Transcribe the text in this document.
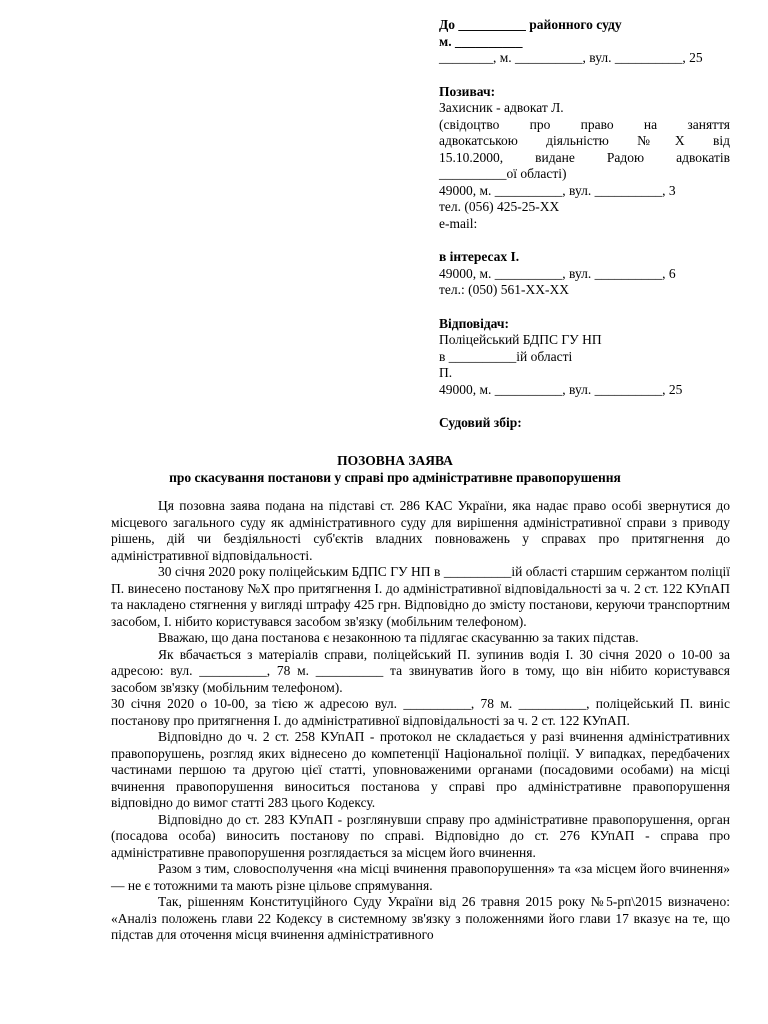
До __________ районного суду
м. __________
________, м. __________, вул. __________, 25
Позивач:
Захисник - адвокат Л.
(свідоцтво про право на заняття
адвокатською діяльністю №Х від
15.10.2000, видане Радою адвокатів
__________ої області)
49000, м. __________, вул. __________, 3
тел. (056) 425-25-ХХ
e-mail:
в інтересах І.
49000, м. __________, вул. __________, 6
тел.: (050) 561-ХХ-ХХ
Відповідач:
Поліцейський БДПС ГУ НП
в __________ій області
П.
49000, м. __________, вул. __________, 25
Судовий збір:
ПОЗОВНА ЗАЯВА
про скасування постанови у справі про адміністративне правопорушення

Ця позовна заява подана на підставі ст. 286 КАС України, яка надає право особі звернутися до місцевого загального суду як адміністративного суду для вирішення адміністративної справи з приводу рішень, дій чи бездіяльності суб'єктів владних повноважень у справах про притягнення до адміністративної відповідальності.

30 січня 2020 року поліцейським БДПС ГУ НП в __________ій області старшим сержантом поліції П. винесено постанову №Х про притягнення І. до адміністративної відповідальності за ч. 2 ст. 122 КУпАП та накладено стягнення у вигляді штрафу 425 грн. Відповідно до змісту постанови, керуючи транспортним засобом, І. нібито користувався засобом зв'язку (мобільним телефоном).

Вважаю, що дана постанова є незаконною та підлягає скасуванню за таких підстав.

Як вбачається з матеріалів справи, поліцейський П. зупинив водія І. 30 січня 2020 о 10-00 за адресою: вул. __________, 78 м. __________ та звинуватив його в тому, що він нібито користувався засобом зв'язку (мобільним телефоном).

30 січня 2020 о 10-00, за тією ж адресою вул. __________, 78 м. __________, поліцейський П. виніс постанову про притягнення І. до адміністративної відповідальності за ч. 2 ст. 122 КУпАП.

Відповідно до ч. 2 ст. 258 КУпАП - протокол не складається у разі вчинення адміністративних правопорушень, розгляд яких віднесено до компетенції Національної поліції. У випадках, передбачених частинами першою та другою цієї статті, уповноваженими органами (посадовими особами) на місці вчинення правопорушення виноситься постанова у справі про адміністративне правопорушення відповідно до вимог статті 283 цього Кодексу.

Відповідно до ст. 283 КУпАП - розглянувши справу про адміністративне правопорушення, орган (посадова особа) виносить постанову по справі. Відповідно до ст. 276 КУпАП - справа про адміністративне правопорушення розглядається за місцем його вчинення.

Разом з тим, словосполучення «на місці вчинення правопорушення» та «за місцем його вчинення» — не є тотожними та мають різне цільове спрямування.

Так, рішенням Конституційного Суду України від 26 травня 2015 року №5-рп\2015 визначено: «Аналіз положень глави 22 Кодексу в системному зв'язку з положеннями його глави 17 вказує на те, що підстав для оточення місця вчинення адміністративного
